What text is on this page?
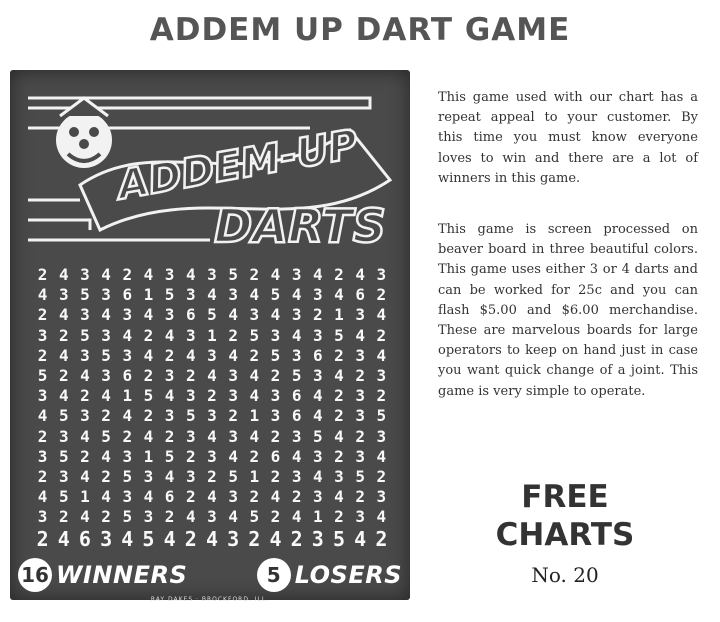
ADDEM UP DART GAME
ADDEM-UP
DARTS
2 4 3 4 2 4 3 4 3 5 2 4 3 4 2 4 3
4 3 5 3 6 1 5 3 4 3 4 5 4 3 4 6 2
2 4 3 4 3 4 3 6 5 4 3 4 3 2 1 3 4
3 2 5 3 4 2 4 3 1 2 5 3 4 3 5 4 2
2 4 3 5 3 4 2 4 3 4 2 5 3 6 2 3 4
5 2 4 3 6 2 3 2 4 3 4 2 5 3 4 2 3
3 4 2 4 1 5 4 3 2 3 4 3 6 4 2 3 2
4 5 3 2 4 2 3 5 3 2 1 3 6 4 2 3 5
2 3 4 5 2 4 2 3 4 3 4 2 3 5 4 2 3
3 5 2 4 3 1 5 2 3 4 2 6 4 3 2 3 4
2 3 4 2 5 3 4 3 2 5 1 2 3 4 3 5 2
4 5 1 4 3 4 6 2 4 3 2 4 2 3 4 2 3
3 2 4 2 5 3 2 4 3 4 5 2 4 1 2 3 4
2 4 6 3 4 5 4 2 4 3 2 4 2 3 5 4 2
16 WINNERS	5 LOSERS
RAY DAKES · BROCKFORD, ILL.

This game used with our chart has a repeat appeal to your customer. By this time you must know everyone loves to win and there are a lot of winners in this game.

This game is screen processed on beaver board in three beautiful colors. This game uses either 3 or 4 darts and can be worked for 25c and you can flash $5.00 and $6.00 merchandise. These are marvelous boards for large operators to keep on hand just in case you want quick change of a joint. This game is very simple to operate.

FREE
CHARTS
No. 20
